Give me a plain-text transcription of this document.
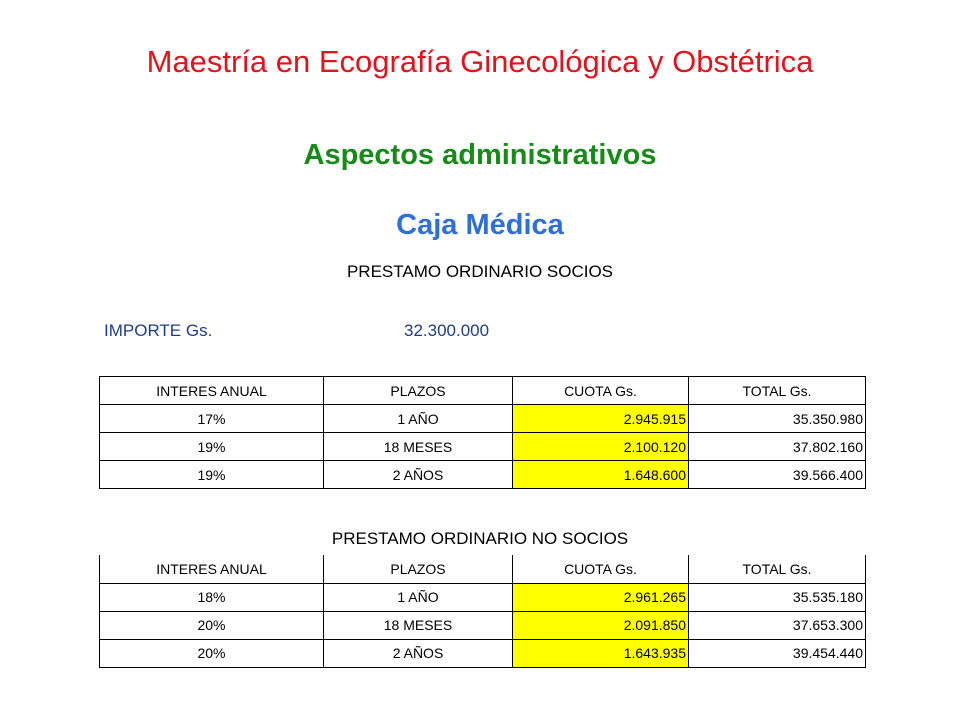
Maestría en Ecografía Ginecológica y Obstétrica
Aspectos administrativos
Caja Médica
PRESTAMO ORDINARIO SOCIOS
IMPORTE Gs.	32.300.000
INTERES ANUAL	PLAZOS	CUOTA Gs.	TOTAL Gs.
17%	1 AÑO	2.945.915	35.350.980
19%	18 MESES	2.100.120	37.802.160
19%	2 AÑOS	1.648.600	39.566.400
PRESTAMO ORDINARIO NO SOCIOS
INTERES ANUAL	PLAZOS	CUOTA Gs.	TOTAL Gs.
18%	1 AÑO	2.961.265	35.535.180
20%	18 MESES	2.091.850	37.653.300
20%	2 AÑOS	1.643.935	39.454.440
